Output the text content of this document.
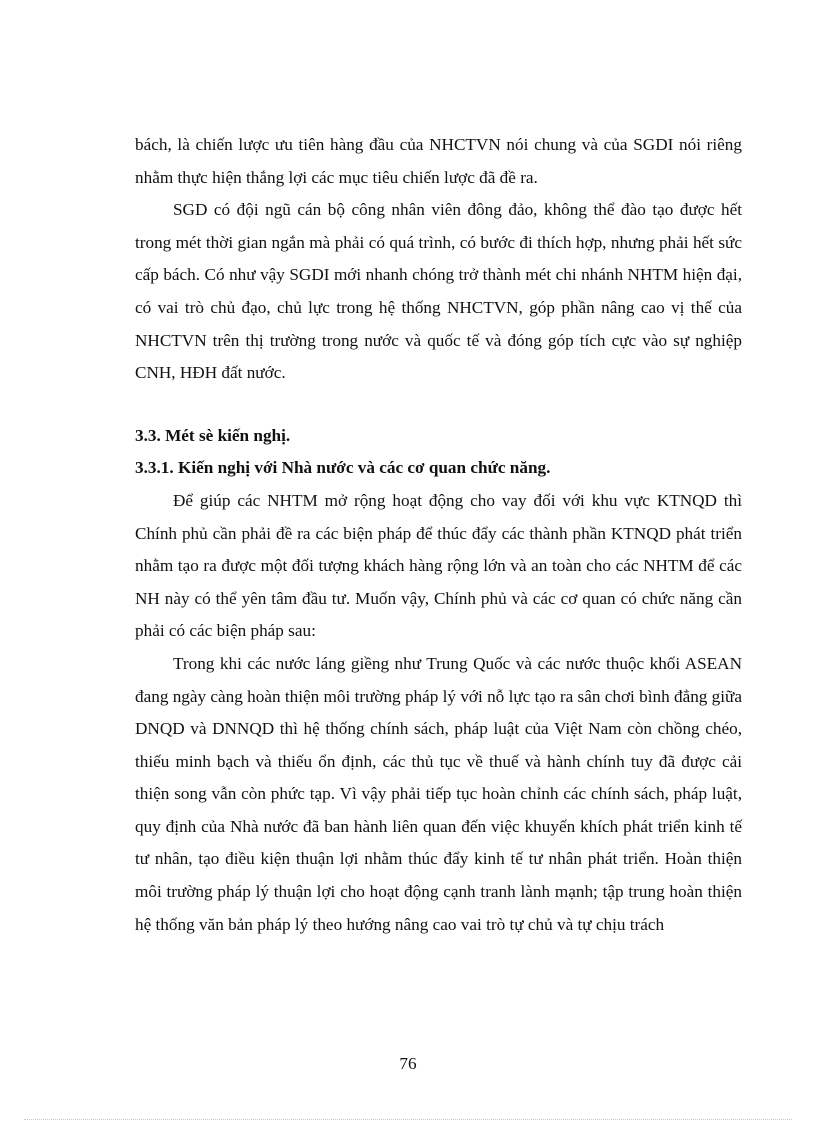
bách, là chiến lược ưu tiên hàng đầu của NHCTVN nói chung và của SGDI nói riêng nhằm thực hiện thắng lợi các mục tiêu chiến lược đã đề ra.

SGD có đội ngũ cán bộ công nhân viên đông đảo, không thể đào tạo được hết trong mét thời gian ngắn mà phải có quá trình, có bước đi thích hợp, nhưng phải hết sức cấp bách. Có như vậy SGDI mới nhanh chóng trở thành mét chi nhánh NHTM hiện đại, có vai trò chủ đạo, chủ lực trong hệ thống NHCTVN, góp phần nâng cao vị thế của NHCTVN trên thị trường trong nước và quốc tế và đóng góp tích cực vào sự nghiệp CNH, HĐH đất nước.

3.3. Mét sè kiến nghị.

3.3.1. Kiến nghị với Nhà nước và các cơ quan chức năng.

Để giúp các NHTM mở rộng hoạt động cho vay đối với khu vực KTNQD thì Chính phủ cần phải đề ra các biện pháp để thúc đẩy các thành phần KTNQD phát triển nhằm tạo ra được một đối tượng khách hàng rộng lớn và an toàn cho các NHTM để các NH này có thể yên tâm đầu tư. Muốn vậy, Chính phủ và các cơ quan có chức năng cần phải có các biện pháp sau:

Trong khi các nước láng giềng như Trung Quốc và các nước thuộc khối ASEAN đang ngày càng hoàn thiện môi trường pháp lý với nỗ lực tạo ra sân chơi bình đẳng giữa DNQD và DNNQD thì hệ thống chính sách, pháp luật của Việt Nam còn chồng chéo, thiếu minh bạch và thiếu ổn định, các thủ tục về thuế và hành chính tuy đã được cải thiện song vẫn còn phức tạp. Vì vậy phải tiếp tục hoàn chỉnh các chính sách, pháp luật, quy định của Nhà nước đã ban hành liên quan đến việc khuyến khích phát triển kinh tế tư nhân, tạo điều kiện thuận lợi nhằm thúc đẩy kinh tế tư nhân phát triển. Hoàn thiện môi trường pháp lý thuận lợi cho hoạt động cạnh tranh lành mạnh; tập trung hoàn thiện hệ thống văn bản pháp lý theo hướng nâng cao vai trò tự chủ và tự chịu trách

76
